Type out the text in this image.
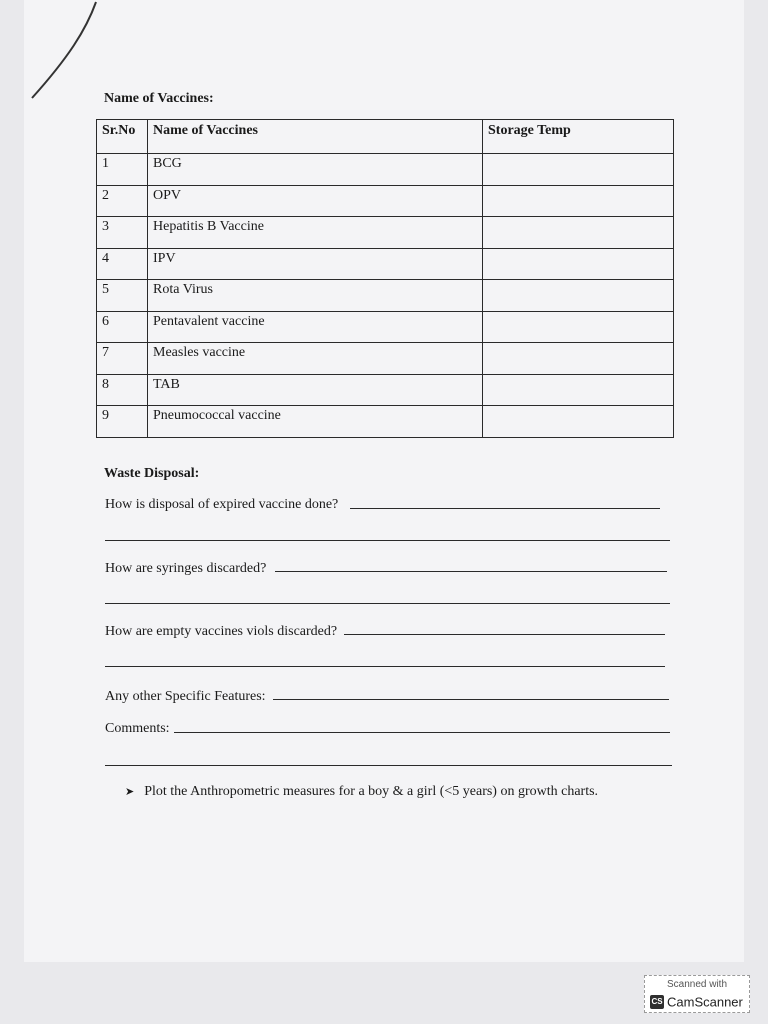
Name of Vaccines:
Sr.No	Name of Vaccines	Storage Temp
1	BCG	
2	OPV	
3	Hepatitis B Vaccine	
4	IPV	
5	Rota Virus	
6	Pentavalent vaccine	
7	Measles vaccine	
8	TAB	
9	Pneumococcal vaccine	
Waste Disposal:
How is disposal of expired vaccine done?
How are syringes discarded?
How are empty vaccines viols discarded?
Any other Specific Features:
Comments:
➤ Plot the Anthropometric measures for a boy & a girl (<5 years) on growth charts.
Scanned with
CS CamScanner
